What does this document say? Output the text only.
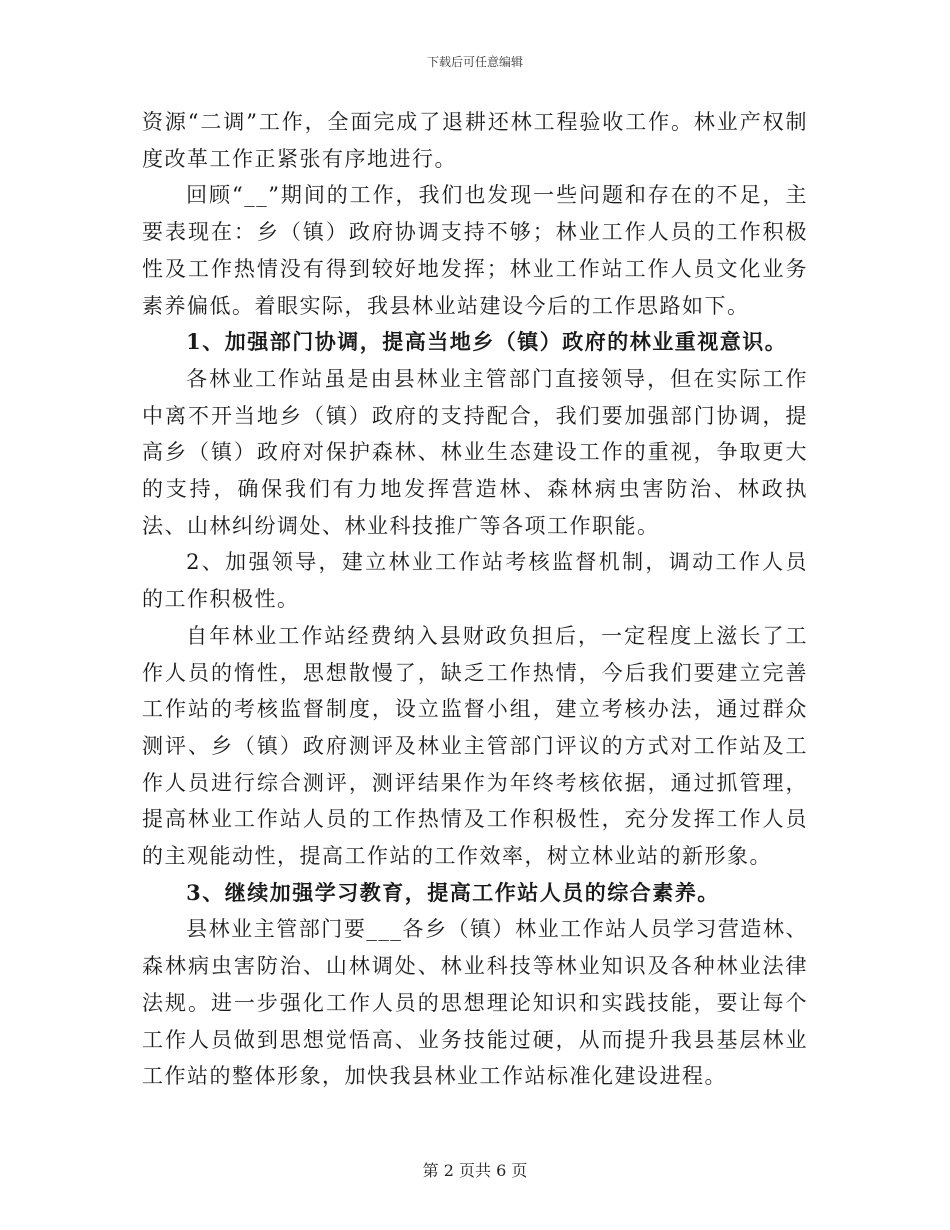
下载后可任意编辑

资源“二调”工作，全面完成了退耕还林工程验收工作。林业产权制度改革工作正紧张有序地进行。

回顾“__”期间的工作，我们也发现一些问题和存在的不足，主要表现在：乡（镇）政府协调支持不够；林业工作人员的工作积极性及工作热情没有得到较好地发挥；林业工作站工作人员文化业务素养偏低。着眼实际，我县林业站建设今后的工作思路如下。

1、加强部门协调，提高当地乡（镇）政府的林业重视意识。

各林业工作站虽是由县林业主管部门直接领导，但在实际工作中离不开当地乡（镇）政府的支持配合，我们要加强部门协调，提高乡（镇）政府对保护森林、林业生态建设工作的重视，争取更大的支持，确保我们有力地发挥营造林、森林病虫害防治、林政执法、山林纠纷调处、林业科技推广等各项工作职能。

2、加强领导，建立林业工作站考核监督机制，调动工作人员的工作积极性。

自年林业工作站经费纳入县财政负担后，一定程度上滋长了工作人员的惰性，思想散慢了，缺乏工作热情，今后我们要建立完善工作站的考核监督制度，设立监督小组，建立考核办法，通过群众测评、乡（镇）政府测评及林业主管部门评议的方式对工作站及工作人员进行综合测评，测评结果作为年终考核依据，通过抓管理，提高林业工作站人员的工作热情及工作积极性，充分发挥工作人员的主观能动性，提高工作站的工作效率，树立林业站的新形象。

3、继续加强学习教育，提高工作站人员的综合素养。

县林业主管部门要___各乡（镇）林业工作站人员学习营造林、森林病虫害防治、山林调处、林业科技等林业知识及各种林业法律法规。进一步强化工作人员的思想理论知识和实践技能，要让每个工作人员做到思想觉悟高、业务技能过硬，从而提升我县基层林业工作站的整体形象，加快我县林业工作站标准化建设进程。

第 2 页共 6 页
